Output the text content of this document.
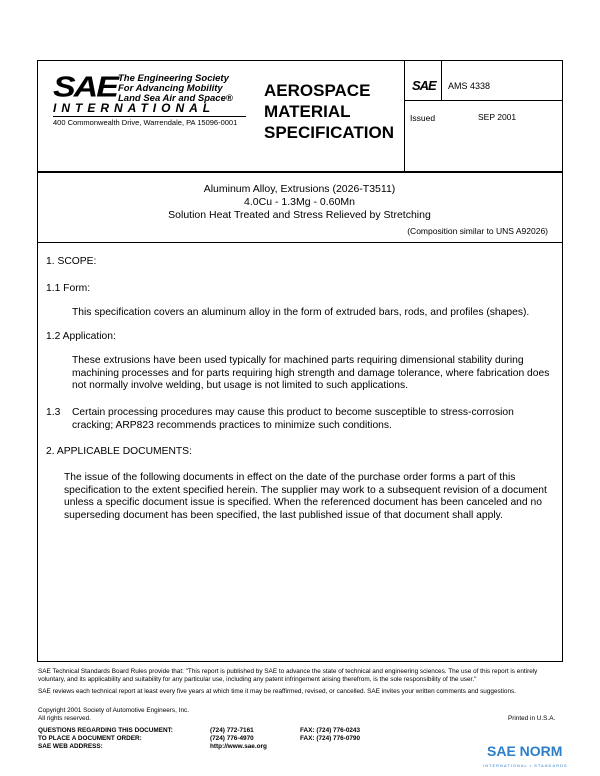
SAE The Engineering Society
For Advancing Mobility
Land Sea Air and Space®
INTERNATIONAL
400 Commonwealth Drive, Warrendale, PA 15096-0001
AEROSPACE
MATERIAL
SPECIFICATION
SAE AMS 4338
Issued	SEP 2001
Aluminum Alloy, Extrusions (2026-T3511)
4.0Cu - 1.3Mg - 0.60Mn
Solution Heat Treated and Stress Relieved by Stretching
(Composition similar to UNS A92026)
1. SCOPE:
1.1 Form:
This specification covers an aluminum alloy in the form of extruded bars, rods, and profiles (shapes).
1.2 Application:
These extrusions have been used typically for machined parts requiring dimensional stability during machining processes and for parts requiring high strength and damage tolerance, where fabrication does not normally involve welding, but usage is not limited to such applications.
1.3 Certain processing procedures may cause this product to become susceptible to stress-corrosion cracking; ARP823 recommends practices to minimize such conditions.
2. APPLICABLE DOCUMENTS:
The issue of the following documents in effect on the date of the purchase order forms a part of this specification to the extent specified herein. The supplier may work to a subsequent revision of a document unless a specific document issue is specified. When the referenced document has been canceled and no superseding document has been specified, the last published issue of that document shall apply.
SAE Technical Standards Board Rules provide that: "This report is published by SAE to advance the state of technical and engineering sciences. The use of this report is entirely voluntary, and its applicability and suitability for any particular use, including any patent infringement arising therefrom, is the sole responsibility of the user."
SAE reviews each technical report at least every five years at which time it may be reaffirmed, revised, or cancelled. SAE invites your written comments and suggestions.
Copyright 2001 Society of Automotive Engineers, Inc.
All rights reserved.	Printed in U.S.A.
QUESTIONS REGARDING THIS DOCUMENT:	(724) 772-7161	FAX: (724) 776-0243
TO PLACE A DOCUMENT ORDER:	(724) 776-4970	FAX: (724) 776-0790
SAE WEB ADDRESS:	http://www.sae.org	SAE NORM
INTERNATIONAL • STANDARDS
